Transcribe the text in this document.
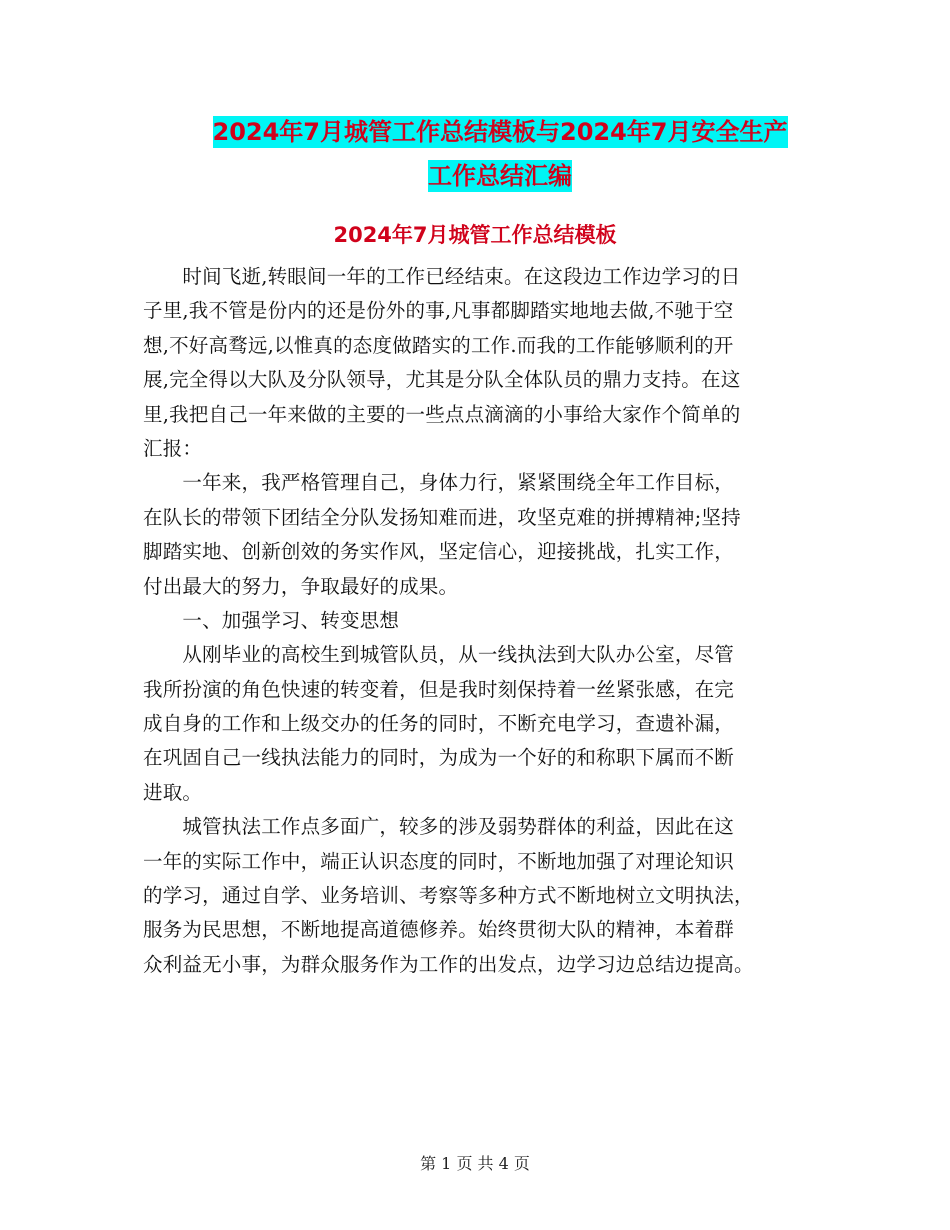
2024年7月城管工作总结模板与2024年7月安全生产
工作总结汇编
2024年7月城管工作总结模板
　　时间飞逝,转眼间一年的工作已经结束。在这段边工作边学习的日
子里,我不管是份内的还是份外的事,凡事都脚踏实地地去做,不驰于空
想,不好高骛远,以惟真的态度做踏实的工作.而我的工作能够顺利的开
展,完全得以大队及分队领导，尤其是分队全体队员的鼎力支持。在这
里,我把自己一年来做的主要的一些点点滴滴的小事给大家作个简单的
汇报：
　　一年来，我严格管理自己，身体力行，紧紧围绕全年工作目标，
在队长的带领下团结全分队发扬知难而进，攻坚克难的拼搏精神;坚持
脚踏实地、创新创效的务实作风，坚定信心，迎接挑战，扎实工作，
付出最大的努力，争取最好的成果。
　　一、加强学习、转变思想
　　从刚毕业的高校生到城管队员，从一线执法到大队办公室，尽管
我所扮演的角色快速的转变着，但是我时刻保持着一丝紧张感，在完
成自身的工作和上级交办的任务的同时，不断充电学习，查遗补漏，
在巩固自己一线执法能力的同时，为成为一个好的和称职下属而不断
进取。
　　城管执法工作点多面广，较多的涉及弱势群体的利益，因此在这
一年的实际工作中，端正认识态度的同时，不断地加强了对理论知识
的学习，通过自学、业务培训、考察等多种方式不断地树立文明执法，
服务为民思想，不断地提高道德修养。始终贯彻大队的精神，本着群
众利益无小事，为群众服务作为工作的出发点，边学习边总结边提高。
第 1 页 共 4 页
